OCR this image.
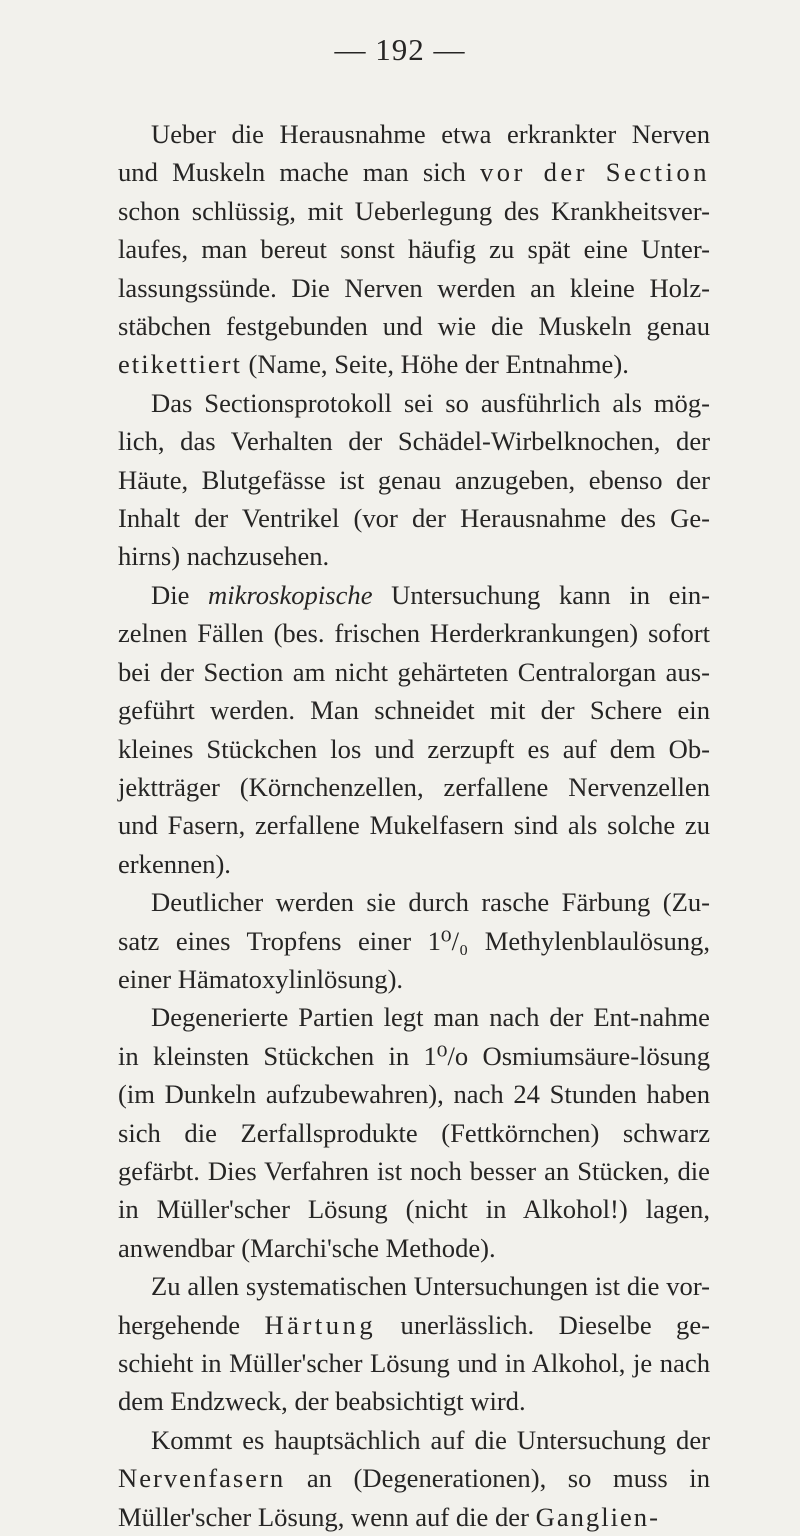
— 192 —

Ueber die Herausnahme etwa erkrankter Nerven und Muskeln mache man sich vor der Section schon schlüssig, mit Ueberlegung des Krankheitsver-laufes, man bereut sonst häufig zu spät eine Unter-lassungssünde. Die Nerven werden an kleine Holz-stäbchen festgebunden und wie die Muskeln genau etikettiert (Name, Seite, Höhe der Entnahme).

Das Sectionsprotokoll sei so ausführlich als mög-lich, das Verhalten der Schädel-Wirbelknochen, der Häute, Blutgefässe ist genau anzugeben, ebenso der Inhalt der Ventrikel (vor der Herausnahme des Ge-hirns) nachzusehen.

Die mikroskopische Untersuchung kann in ein-zelnen Fällen (bes. frischen Herderkrankungen) sofort bei der Section am nicht gehärteten Centralorgan aus-geführt werden. Man schneidet mit der Schere ein kleines Stückchen los und zerzupft es auf dem Ob-jektträger (Körnchenzellen, zerfallene Nervenzellen und Fasern, zerfallene Mukelfasern sind als solche zu erkennen).

Deutlicher werden sie durch rasche Färbung (Zu-satz eines Tropfens einer 1⁰/₀ Methylenblaulösung, einer Hämatoxylinlösung).

Degenerierte Partien legt man nach der Ent-nahme in kleinsten Stückchen in 1⁰/o Osmiumsäure-lösung (im Dunkeln aufzubewahren), nach 24 Stunden haben sich die Zerfallsprodukte (Fettkörnchen) schwarz gefärbt. Dies Verfahren ist noch besser an Stücken, die in Müller'scher Lösung (nicht in Alkohol!) lagen, anwendbar (Marchi'sche Methode).

Zu allen systematischen Untersuchungen ist die vor-hergehende Härtung unerlässlich. Dieselbe ge-schieht in Müller'scher Lösung und in Alkohol, je nach dem Endzweck, der beabsichtigt wird.

Kommt es hauptsächlich auf die Untersuchung der Nervenfasern an (Degenerationen), so muss in Müller'scher Lösung, wenn auf die der Ganglien-
